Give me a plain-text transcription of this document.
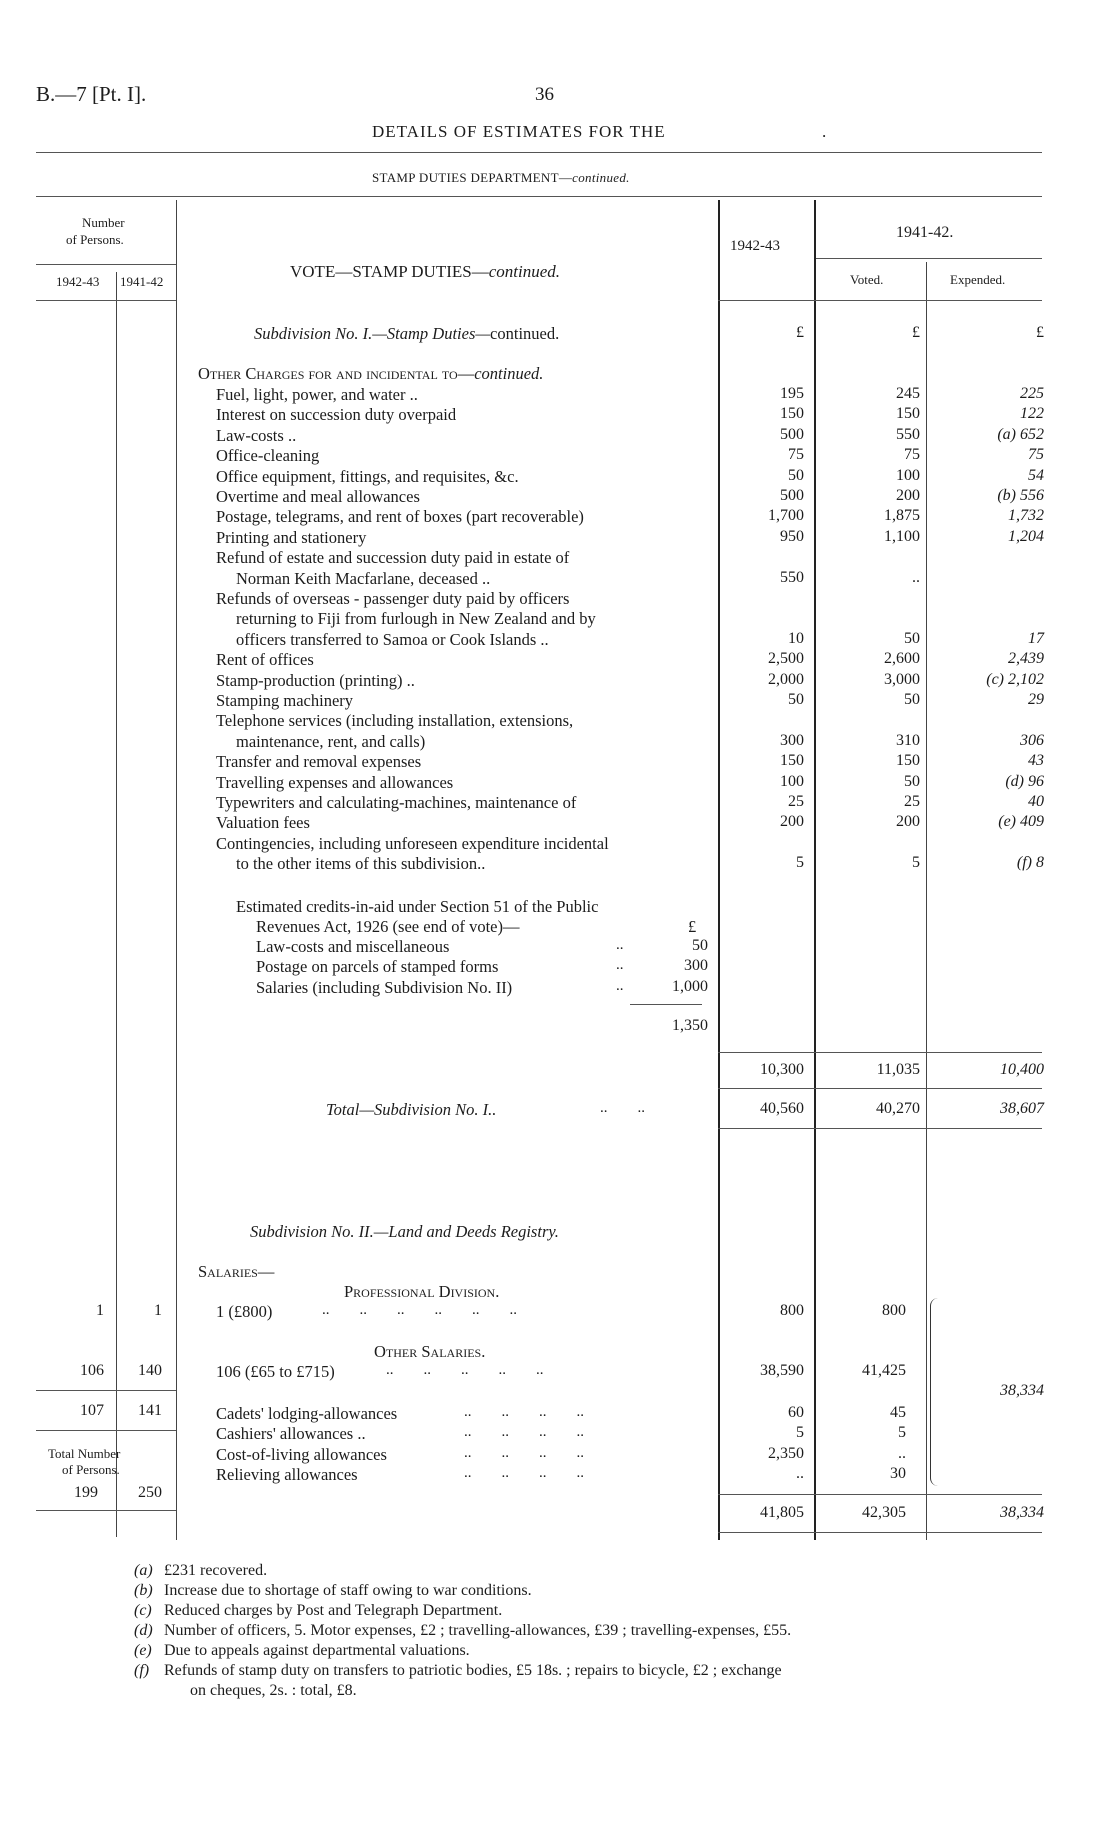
B.—7 [Pt. I].	36
DETAILS OF ESTIMATES FOR THE	.
STAMP DUTIES DEPARTMENT—continued.
Number
of Persons.
1942-43 1941-42
VOTE—STAMP DUTIES—continued.
1942-43
1941-42.
Voted.	Expended.
Subdivision No. I.—Stamp Duties—continued.	£	£	£
Other Charges for and incidental to—continued.
Fuel, light, power, and water ..	195	245	225
Interest on succession duty overpaid	150	150	122
Law-costs ..	500	550	(a) 652
Office-cleaning	75	75	75
Office equipment, fittings, and requisites, &c.	50	100	54
Overtime and meal allowances	500	200	(b) 556
Postage, telegrams, and rent of boxes (part recoverable)	1,700	1,875	1,732
Printing and stationery	950	1,100	1,204
Refund of estate and succession duty paid in estate of
Norman Keith Macfarlane, deceased ..	550	..
Refunds of overseas - passenger duty paid by officers
returning to Fiji from furlough in New Zealand and by
officers transferred to Samoa or Cook Islands ..	10	50	17
Rent of offices	2,500	2,600	2,439
Stamp-production (printing) ..	2,000	3,000	(c) 2,102
Stamping machinery	50	50	29
Telephone services (including installation, extensions,
maintenance, rent, and calls)	300	310	306
Transfer and removal expenses	150	150	43
Travelling expenses and allowances	100	50	(d) 96
Typewriters and calculating-machines, maintenance of	25	25	40
Valuation fees	200	200	(e) 409
Contingencies, including unforeseen expenditure incidental
to the other items of this subdivision..	5	5	(f) 8
Estimated credits-in-aid under Section 51 of the Public
Revenues Act, 1926 (see end of vote)—	£
Law-costs and miscellaneous	..	50
Postage on parcels of stamped forms	..	300
Salaries (including Subdivision No. II)	..	1,000
1,350
10,300	11,035	10,400
Total—Subdivision No. I..	..        ..	40,560	40,270	38,607
Subdivision No. II.—Land and Deeds Registry.
Salaries—
Professional Division.
1	1	1 (£800)	..        ..        ..        ..        ..        ..	800	800
Other Salaries.
106 140	106 (£65 to £715)	..        ..        ..        ..        ..	38,590	41,425
107 141	Cadets' lodging-allowances	..        ..        ..        ..	60	45
Cashiers' allowances ..	..        ..        ..        ..	5	5
Cost-of-living allowances	..        ..        ..        ..	2,350	..
Relieving allowances	..        ..        ..        ..	..	30
38,334
Total Number
of Persons.
199	250
41,805	42,305	38,334
(a) £231 recovered.
(b) Increase due to shortage of staff owing to war conditions.
(c) Reduced charges by Post and Telegraph Department.
(d) Number of officers, 5. Motor expenses, £2 ; travelling-allowances, £39 ; travelling-expenses, £55.
(e) Due to appeals against departmental valuations.
(f) Refunds of stamp duty on transfers to patriotic bodies, £5 18s. ; repairs to bicycle, £2 ; exchange
on cheques, 2s. : total, £8.
